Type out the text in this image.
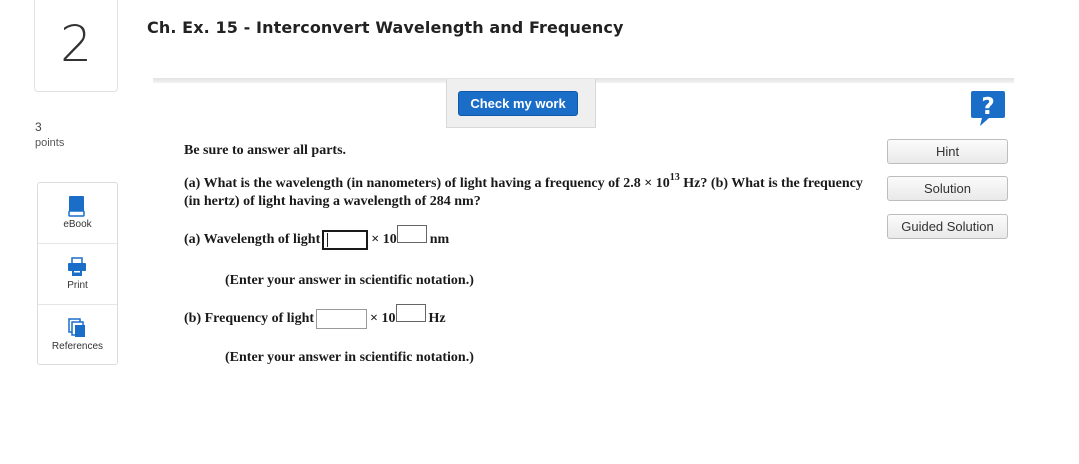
2
3
points
eBook
Print
References
Ch. Ex. 15 - Interconvert Wavelength and Frequency
Check my work	?
Hint
Solution
Guided Solution
Be sure to answer all parts.
(a) What is the wavelength (in nanometers) of light having a frequency of $2.8 \times 10^{13}$ Hz? (b) What is the frequency (in hertz) of light having a wavelength of 284 nm?
(a) Wavelength of light	× 10 nm
(Enter your answer in scientific notation.)
(b) Frequency of light	× 10 Hz
(Enter your answer in scientific notation.)
